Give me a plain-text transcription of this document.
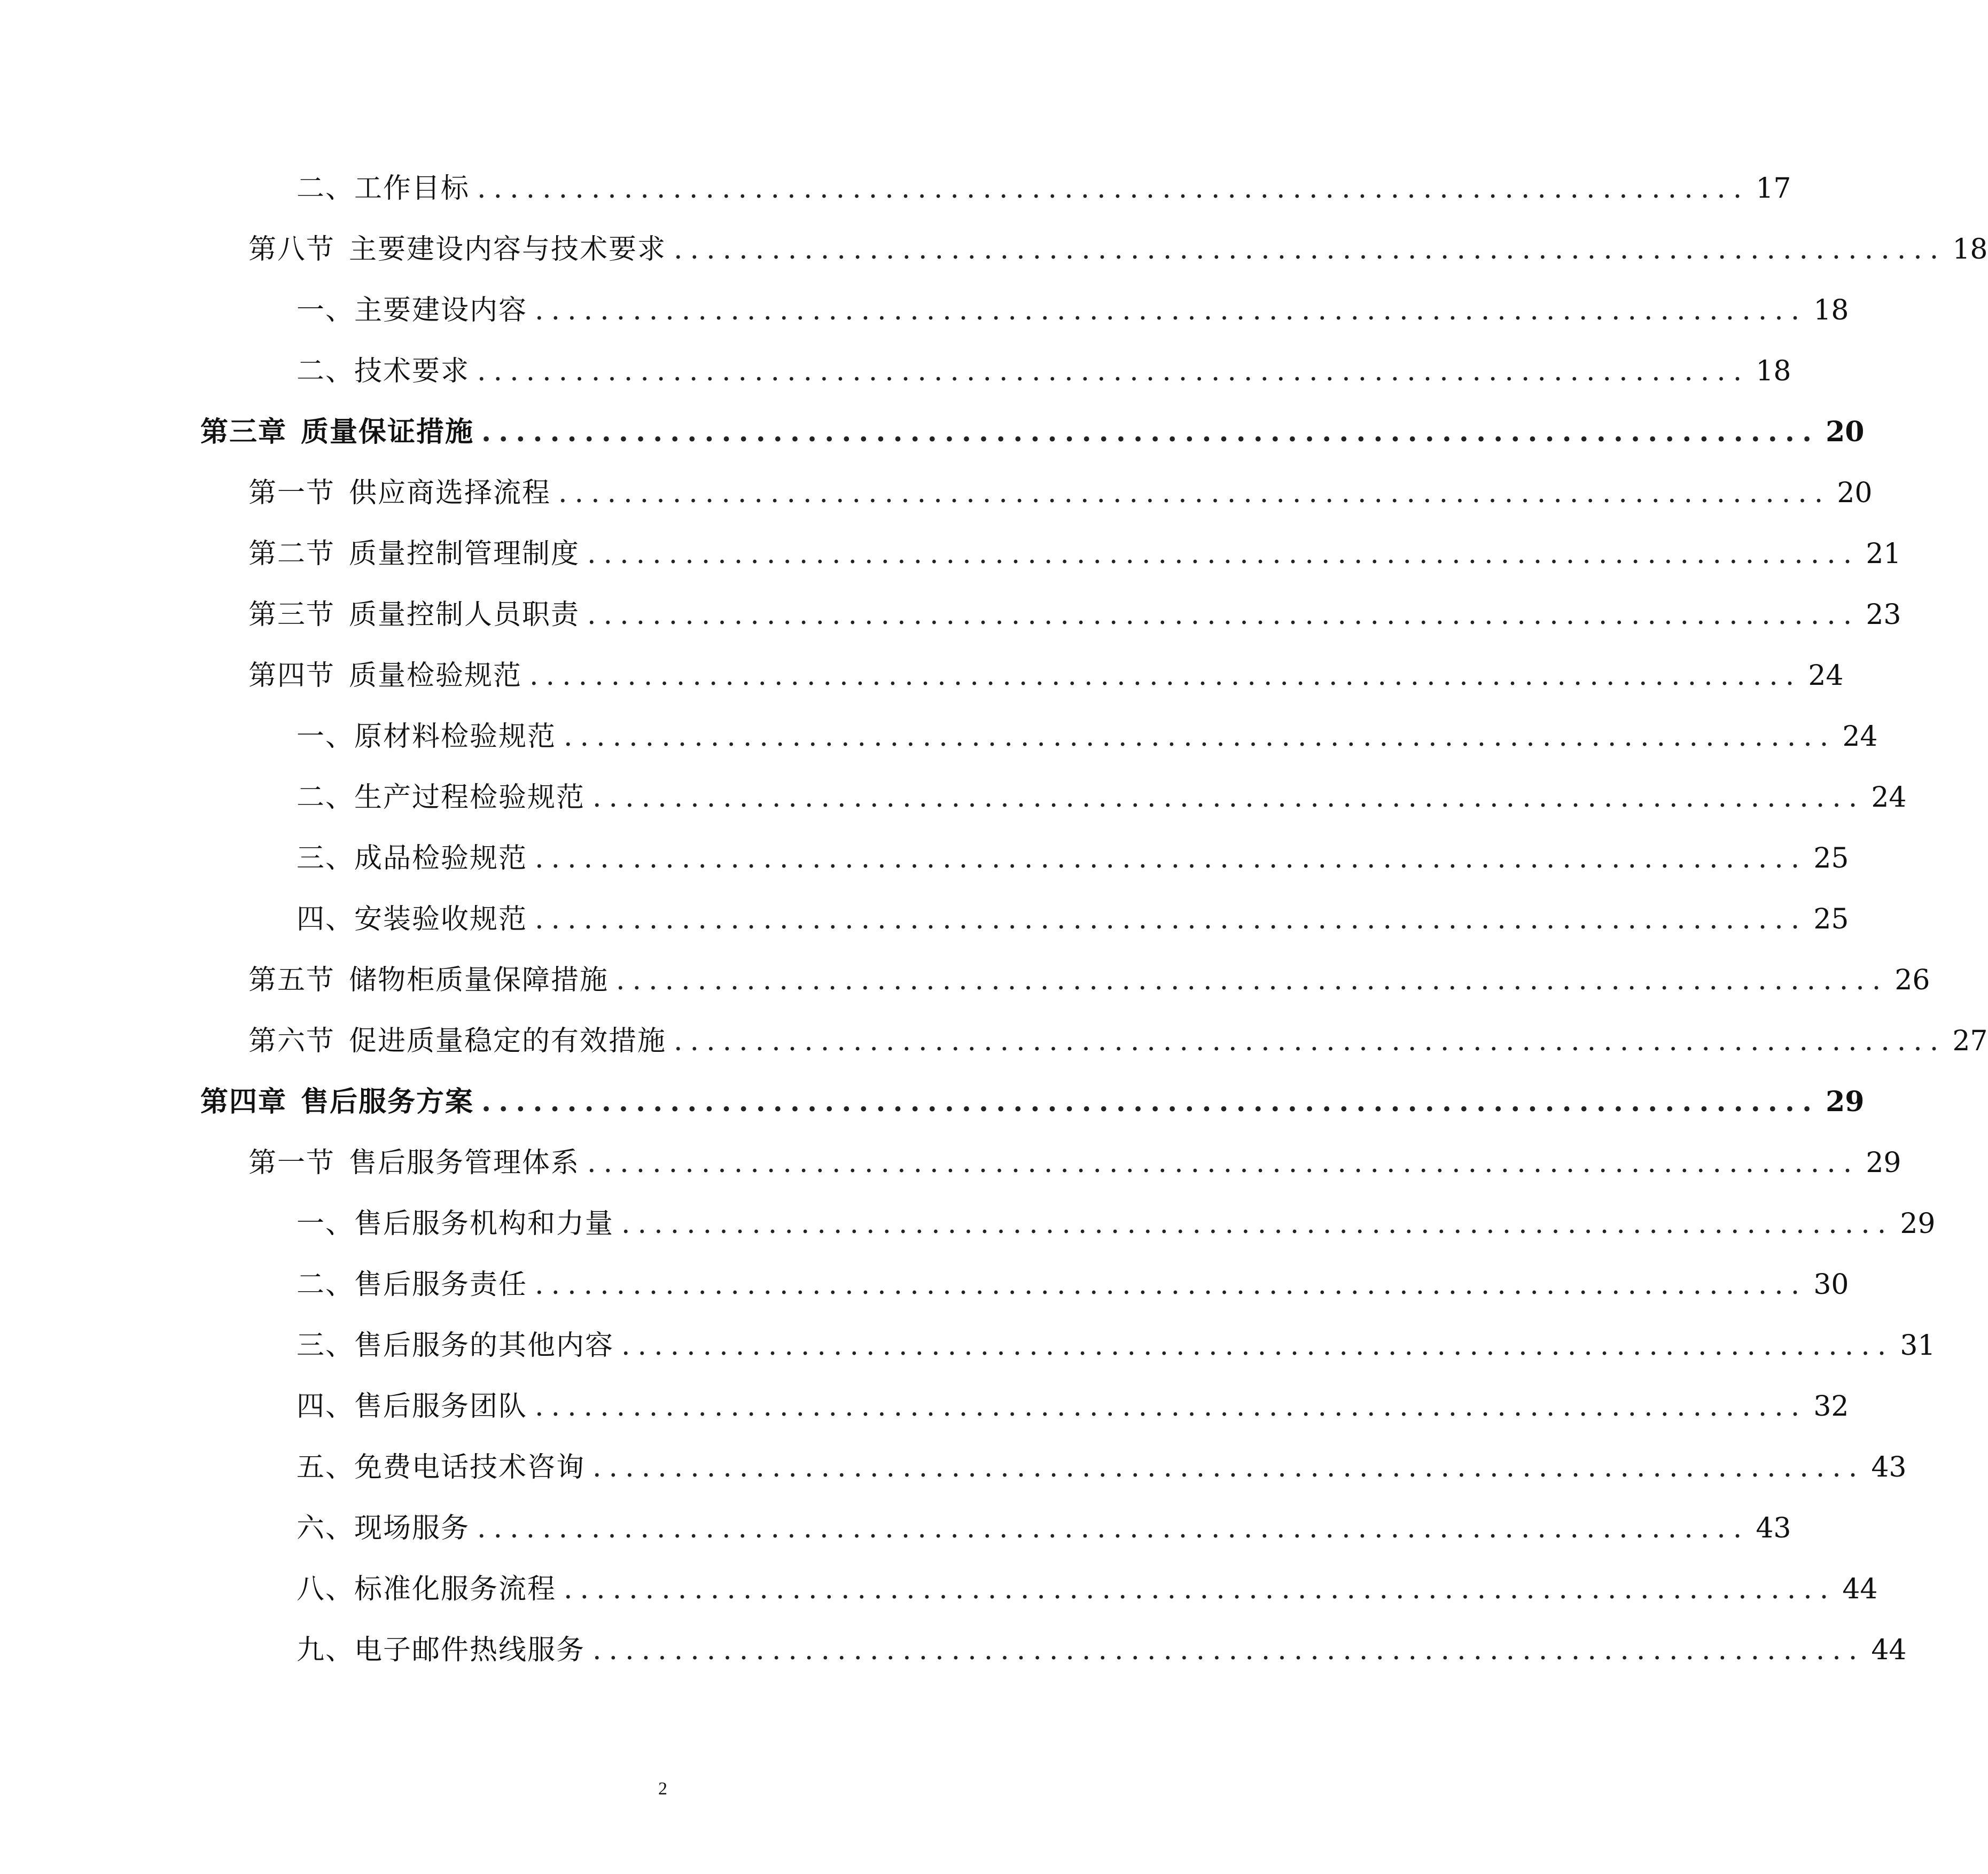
二、工作目标 .............................................................................. 17
第八节 主要建设内容与技术要求 .............................................................................. 18
一、主要建设内容 .............................................................................. 18
二、技术要求 .............................................................................. 18
第三章 质量保证措施 .............................................................................. 20
第一节 供应商选择流程 .............................................................................. 20
第二节 质量控制管理制度 .............................................................................. 21
第三节 质量控制人员职责 .............................................................................. 23
第四节 质量检验规范 .............................................................................. 24
一、原材料检验规范 .............................................................................. 24
二、生产过程检验规范 .............................................................................. 24
三、成品检验规范 .............................................................................. 25
四、安装验收规范 .............................................................................. 25
第五节 储物柜质量保障措施 .............................................................................. 26
第六节 促进质量稳定的有效措施 .............................................................................. 27
第四章 售后服务方案 .............................................................................. 29
第一节 售后服务管理体系 .............................................................................. 29
一、售后服务机构和力量 .............................................................................. 29
二、售后服务责任 .............................................................................. 30
三、售后服务的其他内容 .............................................................................. 31
四、售后服务团队 .............................................................................. 32
五、免费电话技术咨询 .............................................................................. 43
六、现场服务 .............................................................................. 43
八、标准化服务流程 .............................................................................. 44
九、电子邮件热线服务 .............................................................................. 44
2
